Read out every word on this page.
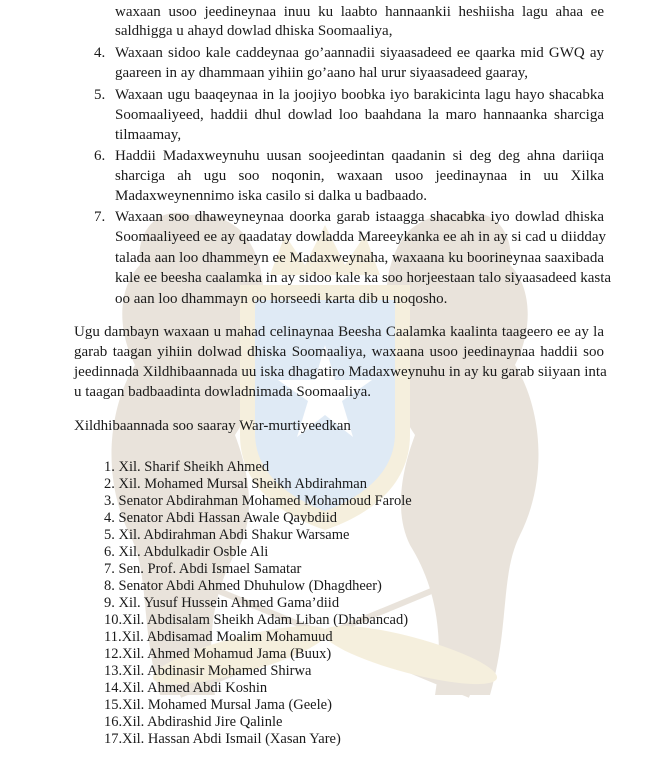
waxaan usoo jeedineynaa inuu ku laabto hannaankii heshiisha lagu ahaa ee
saldhigga u ahayd dowlad dhiska Soomaaliya,
4. Waxaan sidoo kale caddeynaa go’aannadii siyaasadeed ee qaarka mid GWQ ay
gaareen in ay dhammaan yihiin go’aano hal urur siyaasadeed gaaray,
5. Waxaan ugu baaqeynaa in la joojiyo boobka iyo barakicinta lagu hayo shacabka
Soomaaliyeed, haddii dhul dowlad loo baahdana la maro hannaanka sharciga
tilmaamay,
6. Haddii Madaxweynuhu uusan soojeedintan qaadanin si deg deg ahna dariiqa
sharciga ah ugu soo noqonin, waxaan usoo jeedinaynaa in uu Xilka
Madaxweynennimo iska casilo si dalka u badbaado.
7. Waxaan soo dhaweyneynaa doorka garab istaagga shacabka iyo dowlad dhiska
Soomaaliyeed ee ay qaadatay dowladda Mareeykanka ee ah in ay si cad u diidday
talada aan loo dhammeyn ee Madaxweynaha, waxaana ku boorineynaa saaxibada
kale ee beesha caalamka in ay sidoo kale ka soo horjeestaan talo siyaasadeed kasta
oo aan loo dhammayn oo horseedi karta dib u noqosho.
Ugu dambayn waxaan u mahad celinaynaa Beesha Caalamka kaalinta taageero ee ay la
garab taagan yihiin dolwad dhiska Soomaaliya, waxaana usoo jeedinaynaa haddii soo
jeedinnada Xildhibaannada uu iska dhagatiro Madaxweynuhu in ay ku garab siiyaan inta
u taagan badbaadinta dowladnimada Soomaaliya.
Xildhibaannada soo saaray War-murtiyeedkan
1. Xil. Sharif Sheikh Ahmed
2. Xil. Mohamed Mursal Sheikh Abdirahman
3. Senator Abdirahman Mohamed Mohamoud Farole
4. Senator Abdi Hassan Awale Qaybdiid
5. Xil. Abdirahman Abdi Shakur Warsame
6. Xil. Abdulkadir Osble Ali
7. Sen. Prof. Abdi Ismael Samatar
8. Senator Abdi Ahmed Dhuhulow (Dhagdheer)
9. Xil. Yusuf Hussein Ahmed Gama’diid
10.Xil. Abdisalam Sheikh Adam Liban (Dhabancad)
11.Xil. Abdisamad Moalim Mohamuud
12.Xil. Ahmed Mohamud Jama (Buux)
13.Xil. Abdinasir Mohamed Shirwa
14.Xil. Ahmed Abdi Koshin
15.Xil. Mohamed Mursal Jama (Geele)
16.Xil. Abdirashid Jire Qalinle
17.Xil. Hassan Abdi Ismail (Xasan Yare)
